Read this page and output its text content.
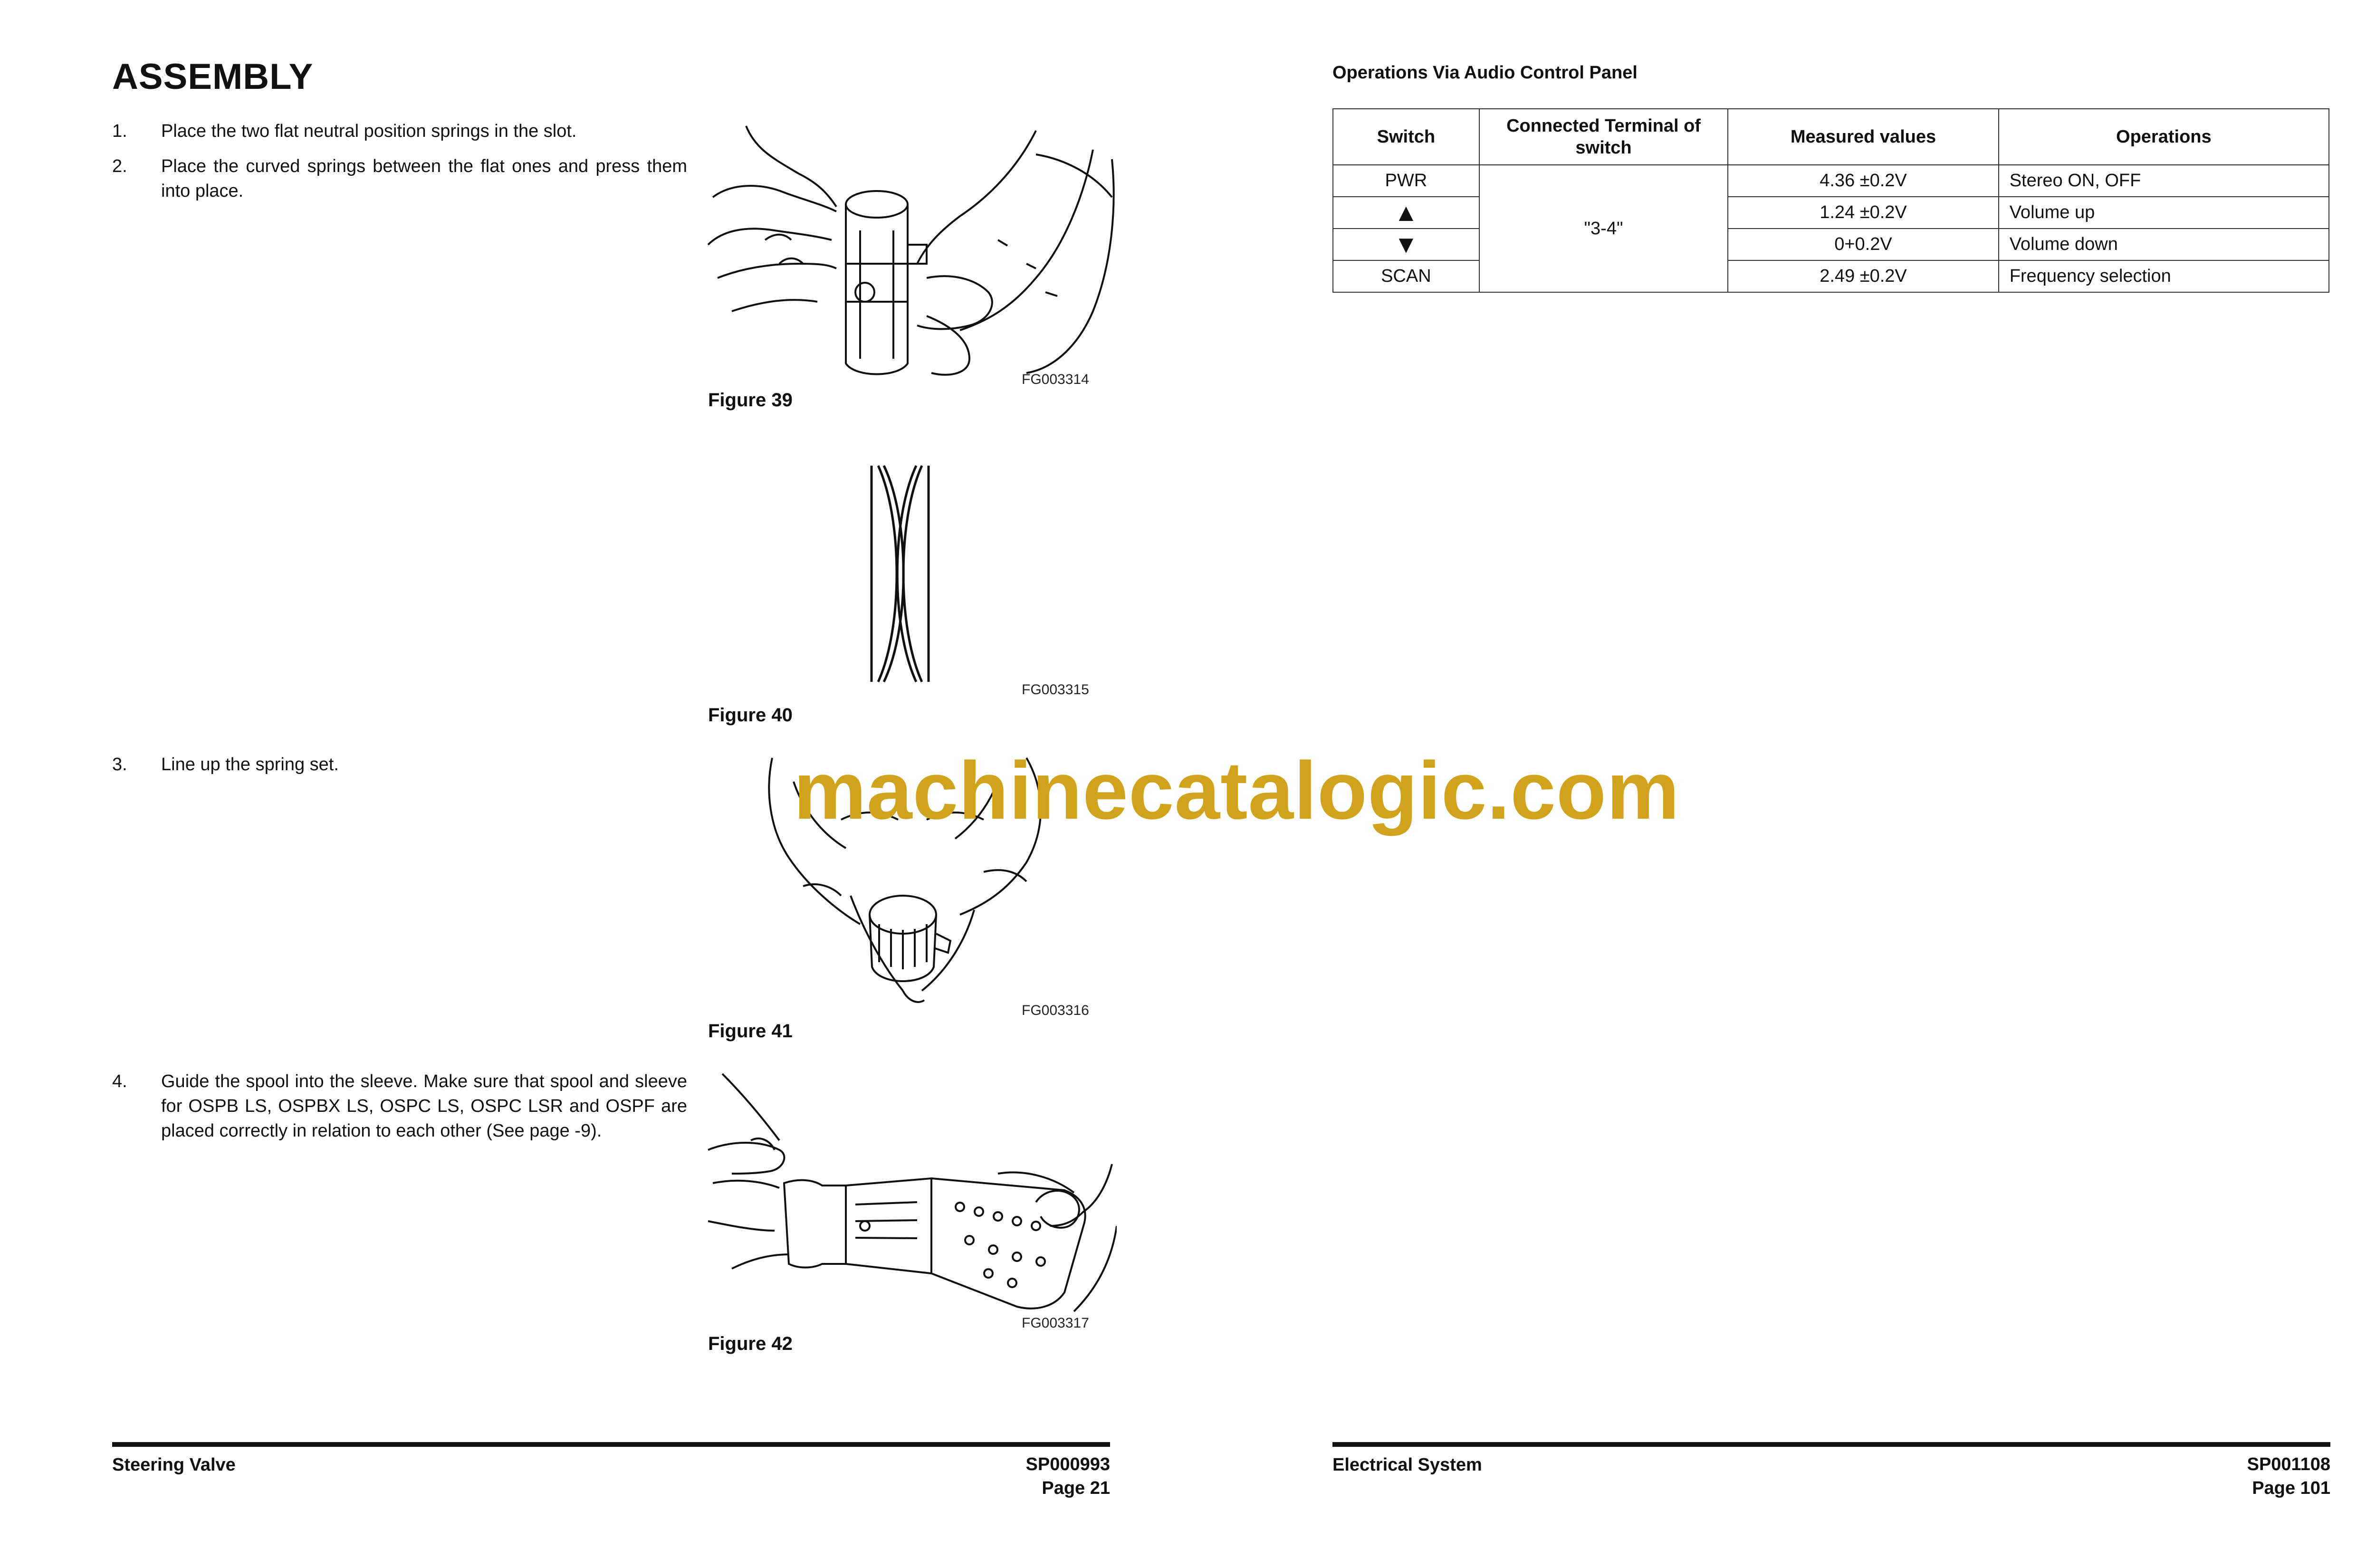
ASSEMBLY
1. Place the two flat neutral position springs in the slot.
2. Place the curved springs between the flat ones and press them into place.
3. Line up the spring set.
4. Guide the spool into the sleeve. Make sure that spool and sleeve for OSPB LS, OSPBX LS, OSPC LS, OSPC LSR and OSPF are placed correctly in relation to each other (See page -9).
FG003314
Figure 39
FG003315
Figure 40
FG003316
Figure 41
FG003317
Figure 42
Steering Valve	SP000993
Page 21
Operations Via Audio Control Panel
Switch	Connected Terminal of switch	Measured values	Operations
PWR	"3-4"	4.36 ±0.2V	Stereo ON, OFF
▲		1.24 ±0.2V	Volume up
▼		0+0.2V	Volume down
SCAN		2.49 ±0.2V	Frequency selection
Electrical System	SP001108
Page 101
machinecatalogic.com
